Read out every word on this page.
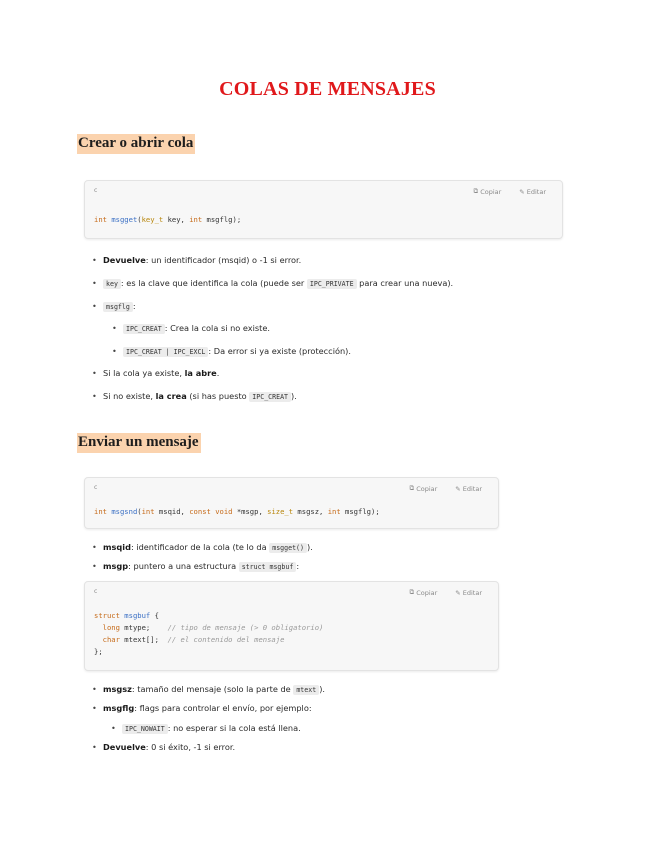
COLAS DE MENSAJES
Crear o abrir cola
c	⧉ Copiar	✎ Editar
int msgget(key_t key, int msgflg);
• Devuelve: un identificador (msqid) o -1 si error.
• key : es la clave que identifica la cola (puede ser IPC_PRIVATE para crear una nueva).
• msgflg :
• IPC_CREAT : Crea la cola si no existe.
• IPC_CREAT | IPC_EXCL : Da error si ya existe (protección).
• Si la cola ya existe, la abre.
• Si no existe, la crea (si has puesto IPC_CREAT ).
Enviar un mensaje
c	⧉ Copiar	✎ Editar
int msgsnd(int msqid, const void *msgp, size_t msgsz, int msgflg);
• msqid: identificador de la cola (te lo da msgget() ).
• msgp: puntero a una estructura struct msgbuf :
c	⧉ Copiar	✎ Editar
struct msgbuf {
long mtype;    // tipo de mensaje (> 0 obligatorio)
char mtext[];  // el contenido del mensaje
};
• msgsz: tamaño del mensaje (solo la parte de mtext ).
• msgflg: flags para controlar el envío, por ejemplo:
• IPC_NOWAIT : no esperar si la cola está llena.
• Devuelve: 0 si éxito, -1 si error.
